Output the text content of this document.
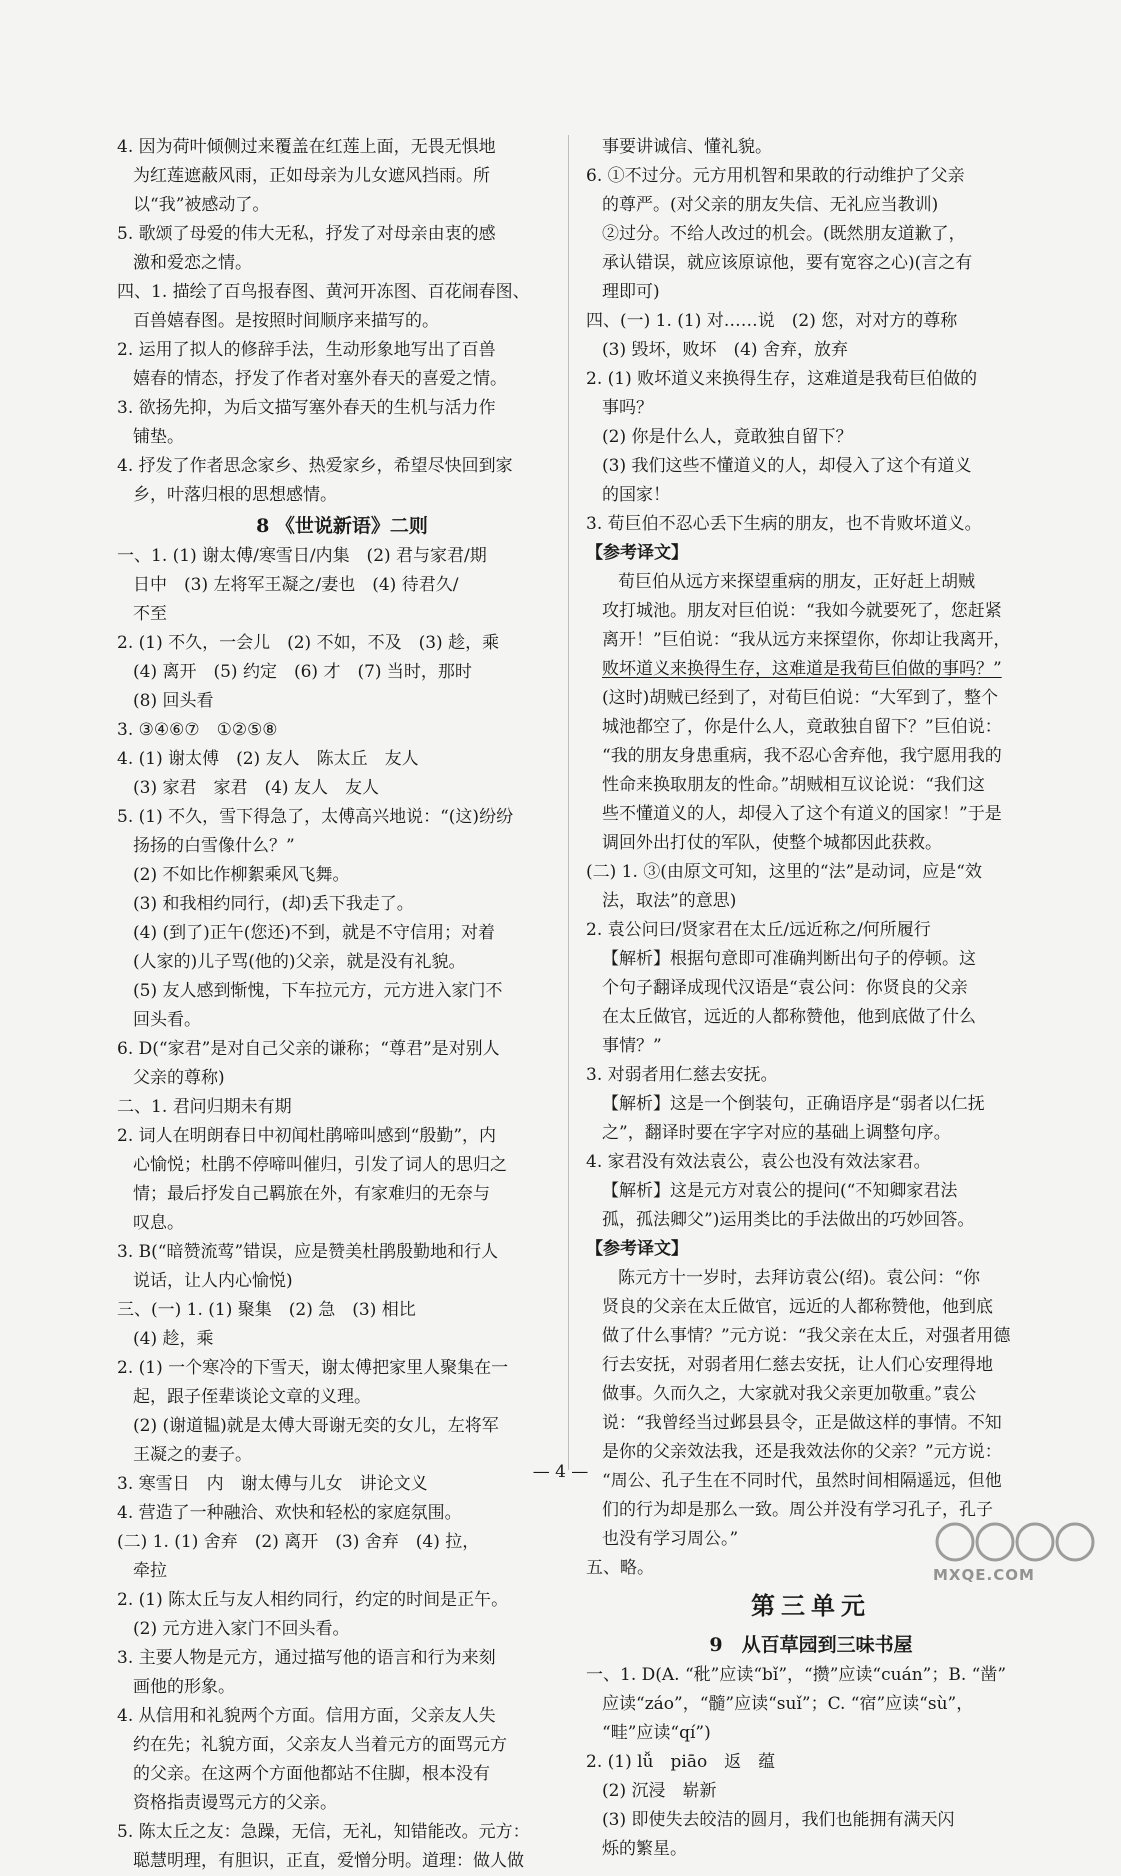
4. 因为荷叶倾侧过来覆盖在红莲上面，无畏无惧地
为红莲遮蔽风雨，正如母亲为儿女遮风挡雨。所
以“我”被感动了。
5. 歌颂了母爱的伟大无私，抒发了对母亲由衷的感
激和爱恋之情。
四、1. 描绘了百鸟报春图、黄河开冻图、百花闹春图、
百兽嬉春图。是按照时间顺序来描写的。
2. 运用了拟人的修辞手法，生动形象地写出了百兽
嬉春的情态，抒发了作者对塞外春天的喜爱之情。
3. 欲扬先抑，为后文描写塞外春天的生机与活力作
铺垫。
4. 抒发了作者思念家乡、热爱家乡，希望尽快回到家
乡，叶落归根的思想感情。
8 《世说新语》二则
一、1. (1) 谢太傅/寒雪日/内集　(2) 君与家君/期
日中　(3) 左将军王凝之/妻也　(4) 待君久/
不至
2. (1) 不久，一会儿　(2) 不如，不及　(3) 趁，乘
(4) 离开　(5) 约定　(6) 才　(7) 当时，那时
(8) 回头看
3. ③④⑥⑦　①②⑤⑧
4. (1) 谢太傅　(2) 友人　陈太丘　友人
(3) 家君　家君　(4) 友人　友人
5. (1) 不久，雪下得急了，太傅高兴地说：“(这)纷纷
扬扬的白雪像什么？”
(2) 不如比作柳絮乘风飞舞。
(3) 和我相约同行，(却)丢下我走了。
(4) (到了)正午(您还)不到，就是不守信用；对着
(人家的)儿子骂(他的)父亲，就是没有礼貌。
(5) 友人感到惭愧，下车拉元方，元方进入家门不
回头看。
6. D(“家君”是对自己父亲的谦称；“尊君”是对别人
父亲的尊称)
二、1. 君问归期未有期
2. 词人在明朗春日中初闻杜鹃啼叫感到“殷勤”，内
心愉悦；杜鹃不停啼叫催归，引发了词人的思归之
情；最后抒发自己羁旅在外，有家难归的无奈与
叹息。
3. B(“暗赞流莺”错误，应是赞美杜鹃殷勤地和行人
说话，让人内心愉悦)
三、(一) 1. (1) 聚集　(2) 急　(3) 相比
(4) 趁，乘
2. (1) 一个寒冷的下雪天，谢太傅把家里人聚集在一
起，跟子侄辈谈论文章的义理。
(2) (谢道韫)就是太傅大哥谢无奕的女儿，左将军
王凝之的妻子。
3. 寒雪日　内　谢太傅与儿女　讲论文义
4. 营造了一种融洽、欢快和轻松的家庭氛围。
(二) 1. (1) 舍弃　(2) 离开　(3) 舍弃　(4) 拉，
牵拉
2. (1) 陈太丘与友人相约同行，约定的时间是正午。
(2) 元方进入家门不回头看。
3. 主要人物是元方，通过描写他的语言和行为来刻
画他的形象。
4. 从信用和礼貌两个方面。信用方面，父亲友人失
约在先；礼貌方面，父亲友人当着元方的面骂元方
的父亲。在这两个方面他都站不住脚，根本没有
资格指责谩骂元方的父亲。
5. 陈太丘之友：急躁，无信，无礼，知错能改。元方：
聪慧明理，有胆识，正直，爱憎分明。道理：做人做
事要讲诚信、懂礼貌。
6. ①不过分。元方用机智和果敢的行动维护了父亲
的尊严。(对父亲的朋友失信、无礼应当教训)
②过分。不给人改过的机会。(既然朋友道歉了，
承认错误，就应该原谅他，要有宽容之心)(言之有
理即可)
四、(一) 1. (1) 对……说　(2) 您，对对方的尊称
(3) 毁坏，败坏　(4) 舍弃，放弃
2. (1) 败坏道义来换得生存，这难道是我荀巨伯做的
事吗？
(2) 你是什么人，竟敢独自留下？
(3) 我们这些不懂道义的人，却侵入了这个有道义
的国家！
3. 荀巨伯不忍心丢下生病的朋友，也不肯败坏道义。
【参考译文】
荀巨伯从远方来探望重病的朋友，正好赶上胡贼
攻打城池。朋友对巨伯说：“我如今就要死了，您赶紧
离开！”巨伯说：“我从远方来探望你，你却让我离开，
败坏道义来换得生存，这难道是我荀巨伯做的事吗？”
(这时)胡贼已经到了，对荀巨伯说：“大军到了，整个
城池都空了，你是什么人，竟敢独自留下？”巨伯说：
“我的朋友身患重病，我不忍心舍弃他，我宁愿用我的
性命来换取朋友的性命。”胡贼相互议论说：“我们这
些不懂道义的人，却侵入了这个有道义的国家！”于是
调回外出打仗的军队，使整个城都因此获救。
(二) 1. ③(由原文可知，这里的“法”是动词，应是“效
法，取法”的意思)
2. 袁公问曰/贤家君在太丘/远近称之/何所履行
【解析】根据句意即可准确判断出句子的停顿。这
个句子翻译成现代汉语是“袁公问：你贤良的父亲
在太丘做官，远近的人都称赞他，他到底做了什么
事情？”
3. 对弱者用仁慈去安抚。
【解析】这是一个倒装句，正确语序是“弱者以仁抚
之”，翻译时要在字字对应的基础上调整句序。
4. 家君没有效法袁公，袁公也没有效法家君。
【解析】这是元方对袁公的提问(“不知卿家君法
孤，孤法卿父”)运用类比的手法做出的巧妙回答。
【参考译文】
陈元方十一岁时，去拜访袁公(绍)。袁公问：“你
贤良的父亲在太丘做官，远近的人都称赞他，他到底
做了什么事情？”元方说：“我父亲在太丘，对强者用德
行去安抚，对弱者用仁慈去安抚，让人们心安理得地
做事。久而久之，大家就对我父亲更加敬重。”袁公
说：“我曾经当过邺县县令，正是做这样的事情。不知
是你的父亲效法我，还是我效法你的父亲？”元方说：
“周公、孔子生在不同时代，虽然时间相隔遥远，但他
们的行为却是那么一致。周公并没有学习孔子，孔子
也没有学习周公。”
五、略。
第三单元
9　从百草园到三味书屋
一、1. D(A. “秕”应读“bǐ”，“攒”应读“cuán”；B. “凿”
应读“záo”，“髓”应读“suǐ”；C. “宿”应读“sù”，
“畦”应读“qí”)
2. (1) lǚ　piāo　返　蕴
(2) 沉浸　崭新
(3) 即使失去皎洁的圆月，我们也能拥有满天闪
烁的繁星。
— 4 —
MXQE.COM
